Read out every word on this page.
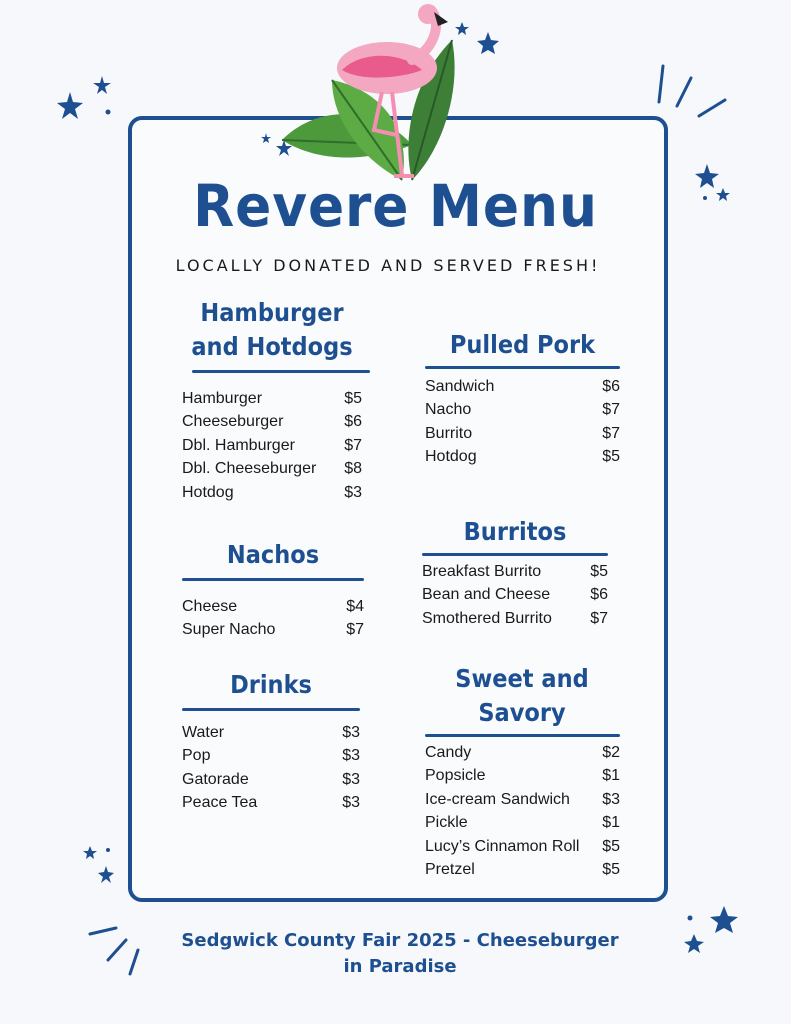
Revere Menu
LOCALLY DONATED AND SERVED FRESH!
Hamburger and Hotdogs
Hamburger	$5
Cheeseburger	$6
Dbl. Hamburger	$7
Dbl. Cheeseburger $8
Hotdog	$3
Pulled Pork
Sandwich	$6
Nacho	$7
Burrito	$7
Hotdog	$5
Nachos
Cheese	$4
Super Nacho	$7
Burritos
Breakfast Burrito	$5
Bean and Cheese	$6
Smothered Burrito $7
Drinks
Water	$3
Pop	$3
Gatorade	$3
Peace Tea	$3
Sweet and Savory
Candy	$2
Popsicle	$1
Ice-cream Sandwich $3
Pickle	$1
Lucy’s Cinnamon Roll $5
Pretzel	$5
Sedgwick County Fair 2025 - Cheeseburger in Paradise
